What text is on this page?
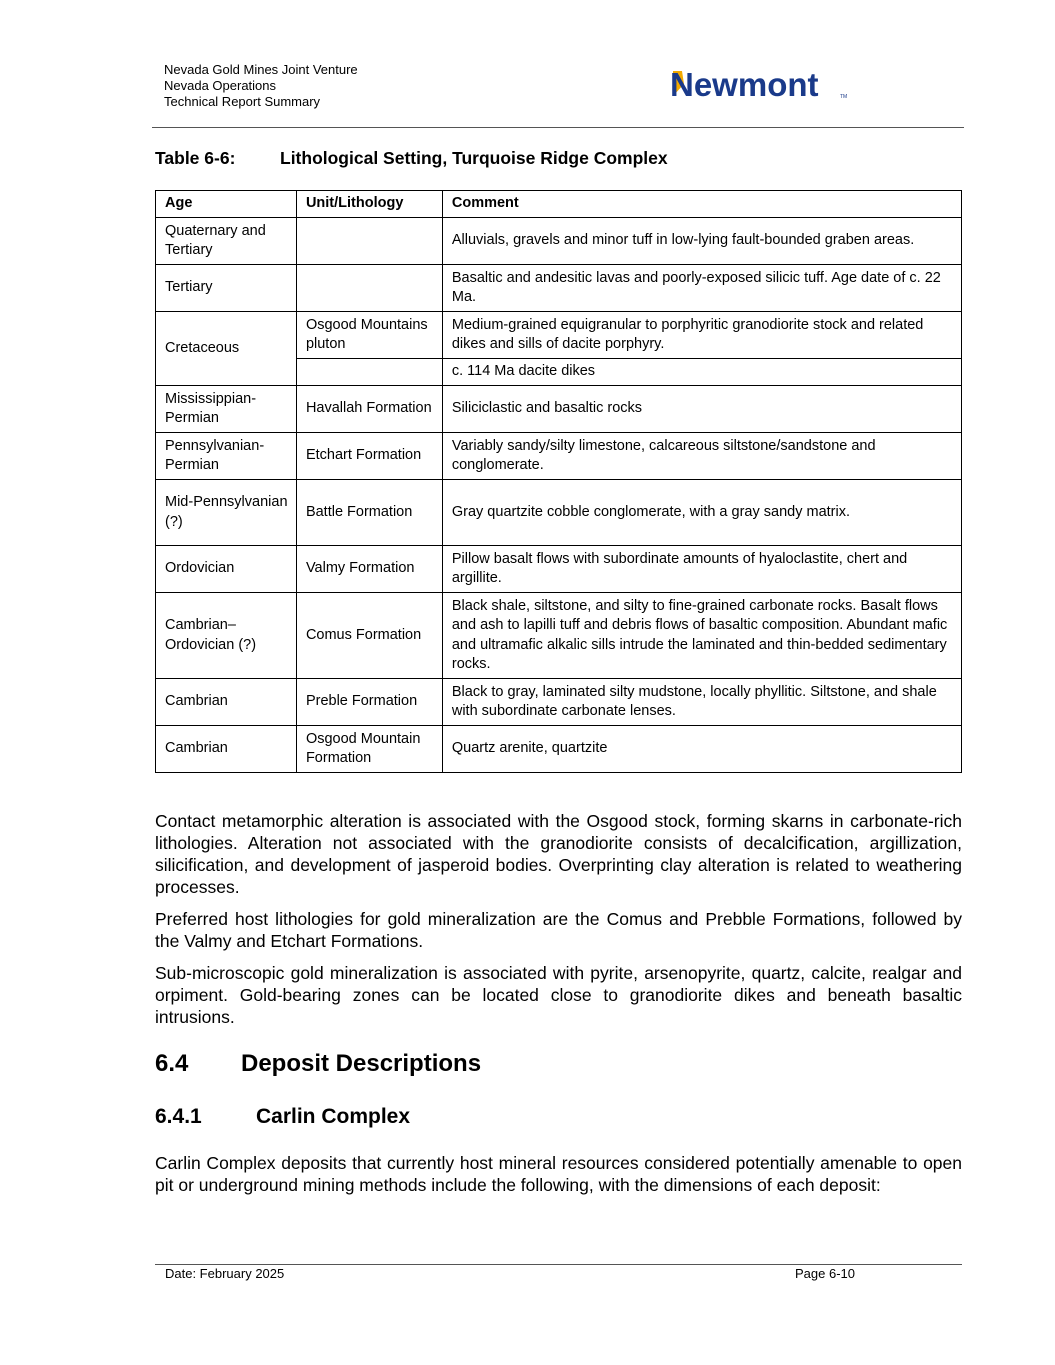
Nevada Gold Mines Joint Venture
Nevada Operations
Technical Report Summary	Newmont	TM
Table 6-6:	Lithological Setting, Turquoise Ridge Complex
Age	Unit/Lithology	Comment
Quaternary and Tertiary		Alluvials, gravels and minor tuff in low-lying fault-bounded graben areas.
Tertiary		Basaltic and andesitic lavas and poorly-exposed silicic tuff. Age date of c. 22 Ma.
Cretaceous	Osgood Mountains pluton	Medium-grained equigranular to porphyritic granodiorite stock and related dikes and sills of dacite porphyry.
		c. 114 Ma dacite dikes
Mississippian-Permian	Havallah Formation	Siliciclastic and basaltic rocks
Pennsylvanian-Permian	Etchart Formation	Variably sandy/silty limestone, calcareous siltstone/sandstone and conglomerate.
Mid-Pennsylvanian (?)	Battle Formation	Gray quartzite cobble conglomerate, with a gray sandy matrix.
Ordovician	Valmy Formation	Pillow basalt flows with subordinate amounts of hyaloclastite, chert and argillite.
Cambrian– Ordovician (?)	Comus Formation	Black shale, siltstone, and silty to fine-grained carbonate rocks. Basalt flows and ash to lapilli tuff and debris flows of basaltic composition. Abundant mafic and ultramafic alkalic sills intrude the laminated and thin-bedded sedimentary rocks.
Cambrian	Preble Formation	Black to gray, laminated silty mudstone, locally phyllitic. Siltstone, and shale with subordinate carbonate lenses.
Cambrian	Osgood Mountain Formation	Quartz arenite, quartzite

Contact metamorphic alteration is associated with the Osgood stock, forming skarns in carbonate-rich lithologies. Alteration not associated with the granodiorite consists of decalcification, argillization, silicification, and development of jasperoid bodies. Overprinting clay alteration is related to weathering processes.

Preferred host lithologies for gold mineralization are the Comus and Prebble Formations, followed by the Valmy and Etchart Formations.

Sub-microscopic gold mineralization is associated with pyrite, arsenopyrite, quartz, calcite, realgar and orpiment. Gold-bearing zones can be located close to granodiorite dikes and beneath basaltic intrusions.

6.4 Deposit Descriptions
6.4.1	Carlin Complex

Carlin Complex deposits that currently host mineral resources considered potentially amenable to open pit or underground mining methods include the following, with the dimensions of each deposit:

Date: February 2025	Page 6-10
